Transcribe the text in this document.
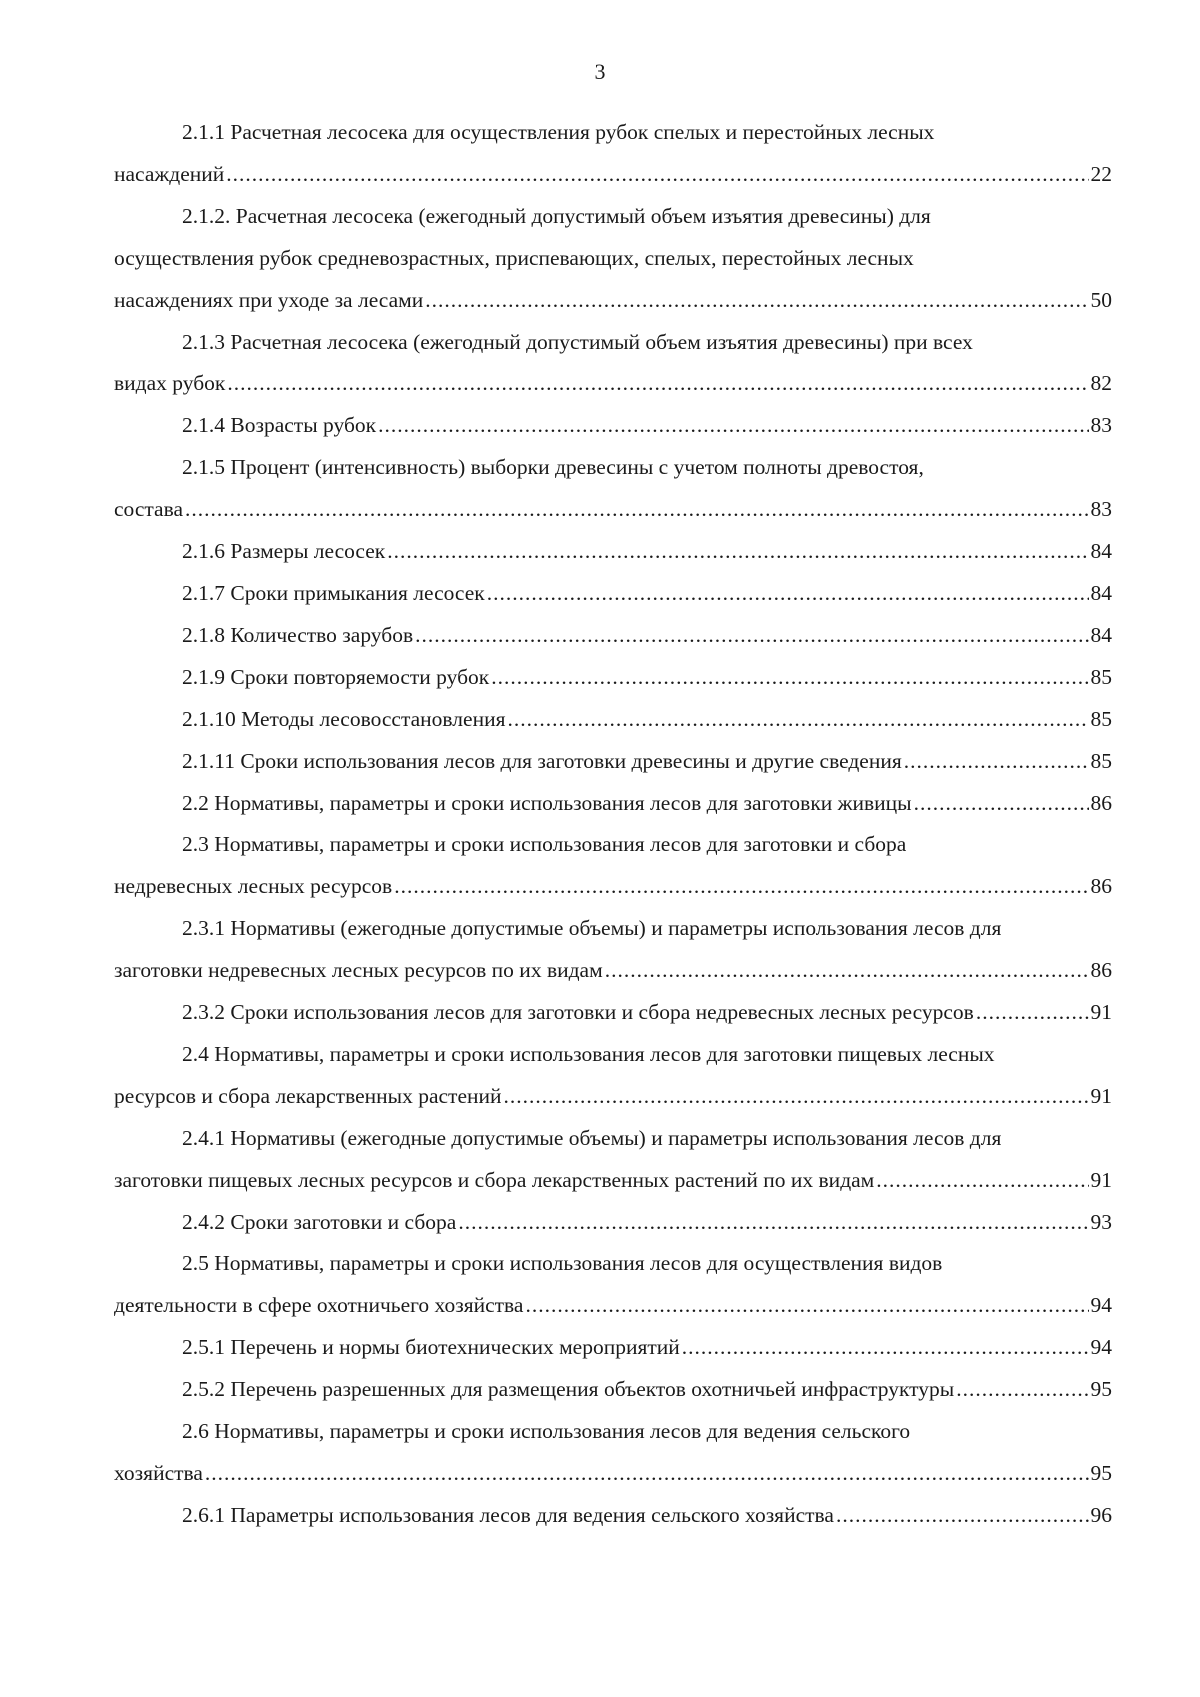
3
2.1.1 Расчетная лесосека для осуществления рубок спелых и перестойных лесных
насаждений .....	22
2.1.2. Расчетная лесосека (ежегодный допустимый объем изъятия древесины) для
осуществления рубок средневозрастных, приспевающих, спелых, перестойных лесных
насаждениях при уходе за лесами .....	50
2.1.3 Расчетная лесосека (ежегодный допустимый объем изъятия древесины) при всех
видах рубок .....	82
2.1.4 Возрасты рубок .....	83
2.1.5 Процент (интенсивность) выборки древесины с учетом полноты древостоя,
состава .....	83
2.1.6 Размеры лесосек .....	84
2.1.7 Сроки примыкания лесосек .....	84
2.1.8 Количество зарубов .....	84
2.1.9 Сроки повторяемости рубок .....	85
2.1.10 Методы лесовосстановления .....	85
2.1.11 Сроки использования лесов для заготовки древесины и другие сведения .....	85
2.2 Нормативы, параметры и сроки использования лесов для заготовки живицы .....	86
2.3 Нормативы, параметры и сроки использования лесов для заготовки и сбора
недревесных лесных ресурсов .....	86
2.3.1 Нормативы (ежегодные допустимые объемы) и параметры использования лесов для
заготовки недревесных лесных ресурсов по их видам .....	86
2.3.2 Сроки использования лесов для заготовки и сбора недревесных лесных ресурсов .....	91
2.4 Нормативы, параметры и сроки использования лесов для заготовки пищевых лесных
ресурсов и сбора лекарственных растений .....	91
2.4.1 Нормативы (ежегодные допустимые объемы) и параметры использования лесов для
заготовки пищевых лесных ресурсов и сбора лекарственных растений по их видам .....	91
2.4.2 Сроки заготовки и сбора .....	93
2.5 Нормативы, параметры и сроки использования лесов для осуществления видов
деятельности в сфере охотничьего хозяйства .....	94
2.5.1 Перечень и нормы биотехнических мероприятий .....	94
2.5.2 Перечень разрешенных для размещения объектов охотничьей инфраструктуры .....	95
2.6 Нормативы, параметры и сроки использования лесов для ведения сельского
хозяйства .....	95
2.6.1 Параметры использования лесов для ведения сельского хозяйства .....	96
